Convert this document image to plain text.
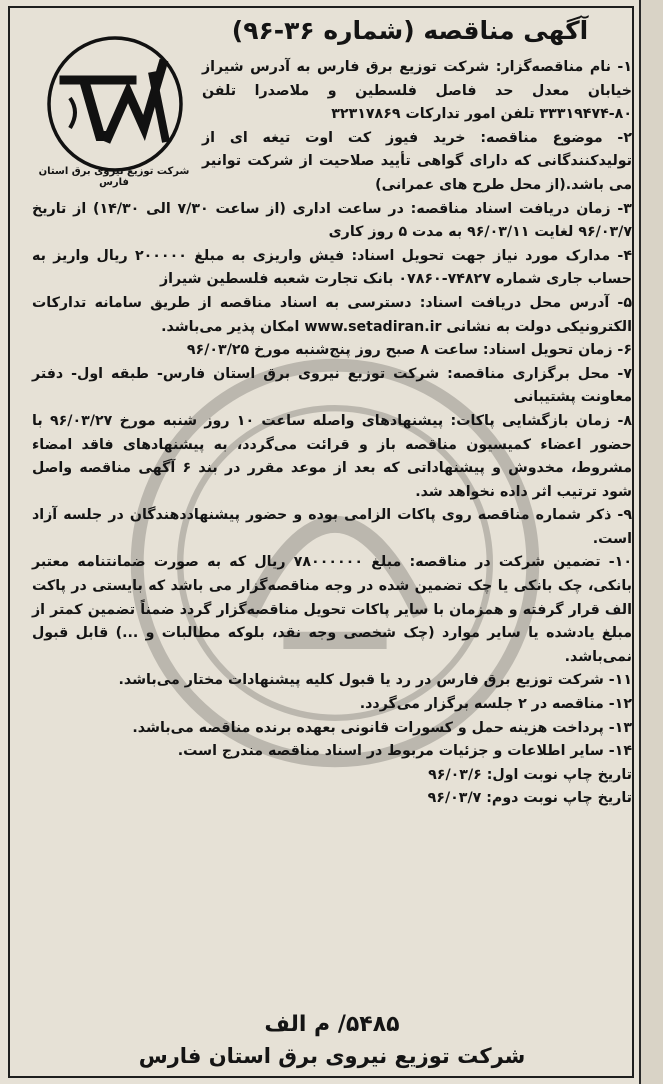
شرکت توزیع نیروی برق استان فارس
آگهی مناقصه (شماره ۳۶-۹۶)

۱- نام مناقصه‌گزار: شرکت توزیع برق فارس به آدرس شیراز خیابان معدل حد فاصل فلسطین و ملاصدرا تلفن ۸۰-۳۳۳۱۹۴۷۴ تلفن امور تدارکات ۳۲۳۱۷۸۶۹

۲- موضوع مناقصه: خرید فیوز کت اوت تیغه ای از تولیدکنندگانی که دارای گواهی تأیید صلاحیت از شرکت توانیر می باشد.(از محل طرح های عمرانی)

۳- زمان دریافت اسناد مناقصه: در ساعت اداری (از ساعت ۷/۳۰ الی ۱۴/۳۰) از تاریخ ۹۶/۰۳/۷ لغایت ۹۶/۰۳/۱۱ به مدت ۵ روز کاری

۴- مدارک مورد نیاز جهت تحویل اسناد: فیش واریزی به مبلغ ۲۰۰۰۰۰ ریال واریز به حساب جاری شماره ۷۴۸۲۷-۰۷۸۶۰ بانک تجارت شعبه فلسطین شیراز

۵- آدرس محل دریافت اسناد: دسترسی به اسناد مناقصه از طریق سامانه تدارکات الکترونیکی دولت به نشانی www.setadiran.ir امکان پذیر می‌باشد.

۶- زمان تحویل اسناد: ساعت ۸ صبح روز پنج‌شنبه مورخ ۹۶/۰۳/۲۵

۷- محل برگزاری مناقصه: شرکت توزیع نیروی برق استان فارس- طبقه اول- دفتر معاونت پشتیبانی

۸- زمان بازگشایی پاکات: پیشنهادهای واصله ساعت ۱۰ روز شنبه مورخ ۹۶/۰۳/۲۷ با حضور اعضاء کمیسیون مناقصه باز و قرائت می‌گردد، به پیشنهادهای فاقد امضاء مشروط، مخدوش و پیشنهاداتی که بعد از موعد مقرر در بند ۶ آگهی مناقصه واصل شود ترتیب اثر داده نخواهد شد.

۹- ذکر شماره مناقصه روی پاکات الزامی بوده و حضور پیشنهاددهندگان در جلسه آزاد است.

۱۰- تضمین شرکت در مناقصه: مبلغ ۷۸۰۰۰۰۰۰ ریال که به صورت ضمانتنامه معتبر بانکی، چک بانکی یا چک تضمین شده در وجه مناقصه‌گزار می باشد که بایستی در پاکت الف قرار گرفته و همزمان با سایر پاکات تحویل مناقصه‌گزار گردد ضمناً تضمین کمتر از مبلغ یادشده یا سایر موارد (چک شخصی وجه نقد، بلوکه مطالبات و ...) قابل قبول نمی‌باشد.

۱۱- شرکت توزیع برق فارس در رد یا قبول کلیه پیشنهادات مختار می‌باشد.

۱۲- مناقصه در ۲ جلسه برگزار می‌گردد.

۱۳- پرداخت هزینه حمل و کسورات قانونی بعهده برنده مناقصه می‌باشد.

۱۴- سایر اطلاعات و جزئیات مربوط در اسناد مناقصه مندرج است.

تاریخ چاپ نوبت اول: ۹۶/۰۳/۶

تاریخ چاپ نوبت دوم: ۹۶/۰۳/۷

۵۴۸۵/ م الف
شرکت توزیع نیروی برق استان فارس
